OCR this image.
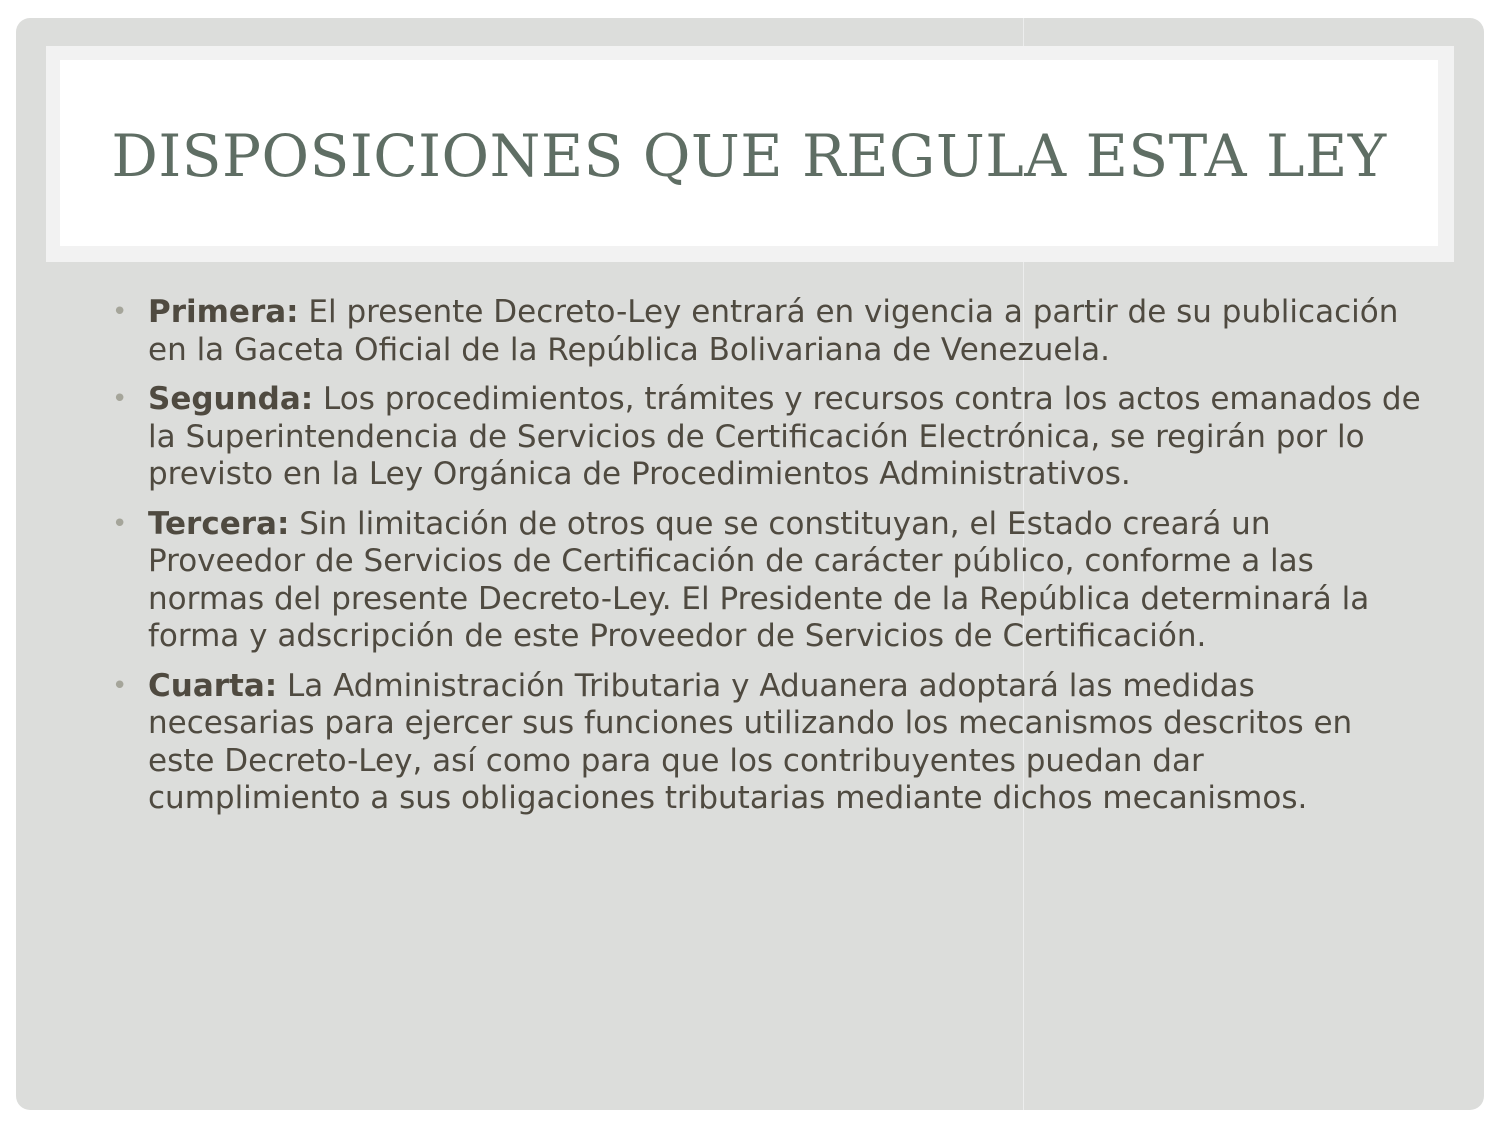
DISPOSICIONES QUE REGULA ESTA LEY
• Primera: El presente Decreto-Ley entrará en vigencia a partir de su publicación en la Gaceta Oficial de la República Bolivariana de Venezuela.
• Segunda: Los procedimientos, trámites y recursos contra los actos emanados de la Superintendencia de Servicios de Certificación Electrónica, se regirán por lo previsto en la Ley Orgánica de Procedimientos Administrativos.
• Tercera: Sin limitación de otros que se constituyan, el Estado creará un Proveedor de Servicios de Certificación de carácter público, conforme a las normas del presente Decreto-Ley. El Presidente de la República determinará la forma y adscripción de este Proveedor de Servicios de Certificación.
• Cuarta: La Administración Tributaria y Aduanera adoptará las medidas necesarias para ejercer sus funciones utilizando los mecanismos descritos en este Decreto-Ley, así como para que los contribuyentes puedan dar cumplimiento a sus obligaciones tributarias mediante dichos mecanismos.
